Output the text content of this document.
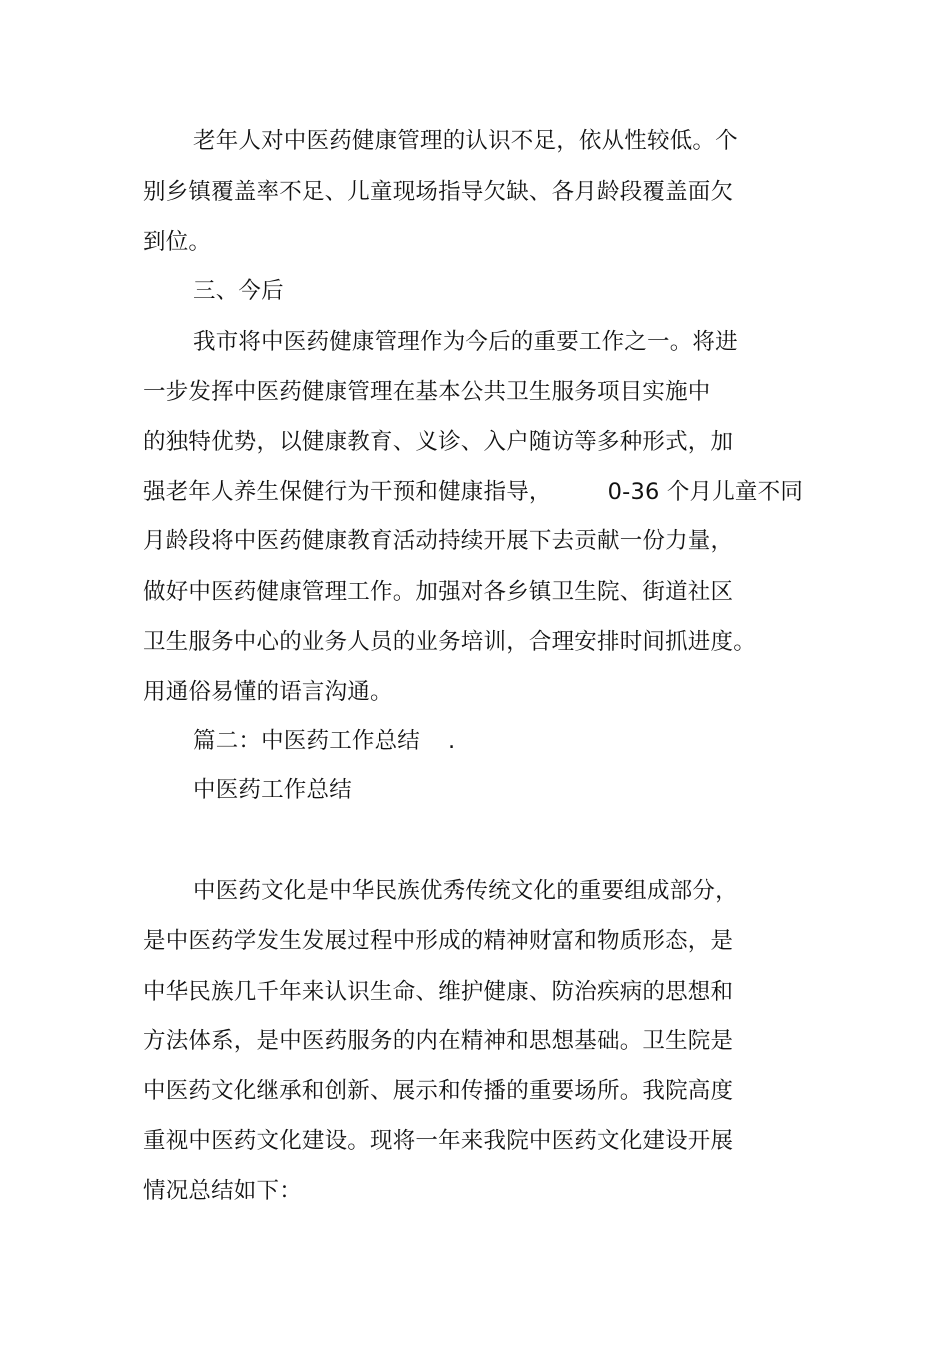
老年人对中医药健康管理的认识不足，依从性较低。个
别乡镇覆盖率不足、儿童现场指导欠缺、各月龄段覆盖面欠
到位。
三、今后
我市将中医药健康管理作为今后的重要工作之一。将进
一步发挥中医药健康管理在基本公共卫生服务项目实施中
的独特优势，以健康教育、义诊、入户随访等多种形式，加
强老年人养生保健行为干预和健康指导， 0-36 个月儿童不同
月龄段将中医药健康教育活动持续开展下去贡献一份力量，
做好中医药健康管理工作。加强对各乡镇卫生院、街道社区
卫生服务中心的业务人员的业务培训，合理安排时间抓进度。
用通俗易懂的语言沟通。
篇二：中医药工作总结 .
中医药工作总结
中医药文化是中华民族优秀传统文化的重要组成部分，
是中医药学发生发展过程中形成的精神财富和物质形态，是
中华民族几千年来认识生命、维护健康、防治疾病的思想和
方法体系，是中医药服务的内在精神和思想基础。卫生院是
中医药文化继承和创新、展示和传播的重要场所。我院高度
重视中医药文化建设。现将一年来我院中医药文化建设开展
情况总结如下：
